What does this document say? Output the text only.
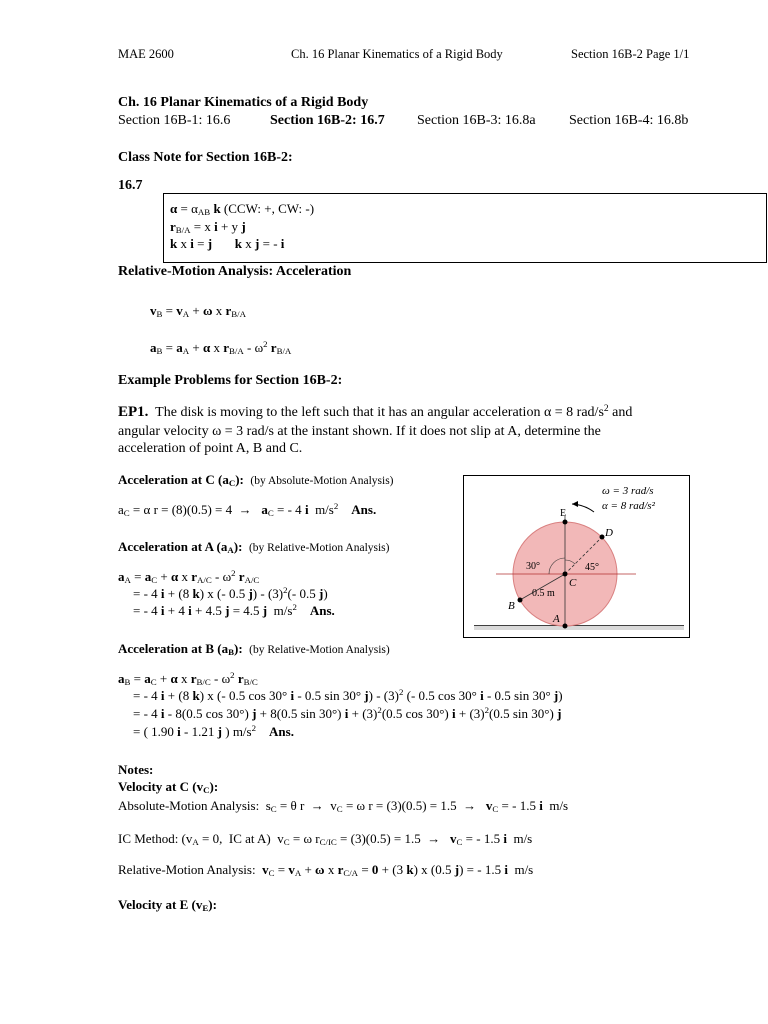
MAE 2600	Ch. 16 Planar Kinematics of a Rigid Body	Section 16B-2 Page 1/1
Ch. 16 Planar Kinematics of a Rigid Body
Section 16B-1: 16.6	Section 16B-2: 16.7 Section 16B-3: 16.8a Section 16B-4: 16.8b
Class Note for Section 16B-2:
16.7
$\alpha = \alpha_{AB}$ k (CCW: +, CW: -)
$r_{B/A} = x$ i + y j
k x i = j k x j = - i
Relative-Motion Analysis: Acceleration
$v_B = v_A + \omega$ x $r_{B/A}$
$a_B = a_A + \alpha$ x $r_{B/A} - \omega^2$ $r_{B/A}$
Example Problems for Section 16B-2:
EP1. The disk is moving to the left such that it has an angular acceleration α = 8 rad/$s^2$ and
angular velocity ω = 3 rad/s at the instant shown. If it does not slip at A, determine the
acceleration of point A, B and C.
Acceleration at C $(a_C)$: (by Absolute-Motion Analysis)
$a_C = \alpha$ $r = (8)(0.5) = 4 \to a_C$ = - 4 i  $m/s^2$ Ans.
Acceleration at A $(a_A)$: (by Relative-Motion Analysis)
$a_A = a_C + \alpha$ x $r_{A/C} - \omega^2$ $r_{A/C}$
= - 4 i + (8 k) x (- 0.5 $j) - (3)^2(-$ 0.5 j)
= - 4 i + 4 i + 4.5 j = 4.5 j  $m/s^2$ Ans.
Acceleration at B $(a_B)$: (by Relative-Motion Analysis)
$a_B = a_C + \alpha$ x $r_{B/C} - \omega^2$ $r_{B/C}$
= - 4 i + (8 k) x (- 0.5 cos 30° i - 0.5 sin 30° $j) - (3)^2$ (- 0.5 cos 30° i - 0.5 sin 30° j)
= - 4 i - 8(0.5 cos 30°) j + 8(0.5 sin 30°) $i + (3)^2(0.5$ cos 30°) $i + (3)^2(0.5$ sin 30°) j
= ( 1.90 i - 1.21 j ) $m/s^2$ Ans.
Notes:
Velocity at C $(v_C)$:
Absolute-Motion Analysis:  $s_C = \theta$ $r \to v_C = \omega$ $r = (3)(0.5) = 1.5 \to v_C$ = - 1.5 i  m/s
IC Method: ($v_A = 0$,  IC at A)  $v_C = \omega$ $r_{C/IC} = (3)(0.5) = 1.5 \to v_C$ = - 1.5 i  m/s
Relative-Motion Analysis: $v_C = v_A + \omega$ x $r_{C/A} = 0 + (3$ k) x (0.5 j) = - 1.5 i  m/s
Velocity at E $(v_E)$:
ω = 3 rad/s
α = 8 rad/s²
E
D
C
B
A
30°	45°
0.5 m
